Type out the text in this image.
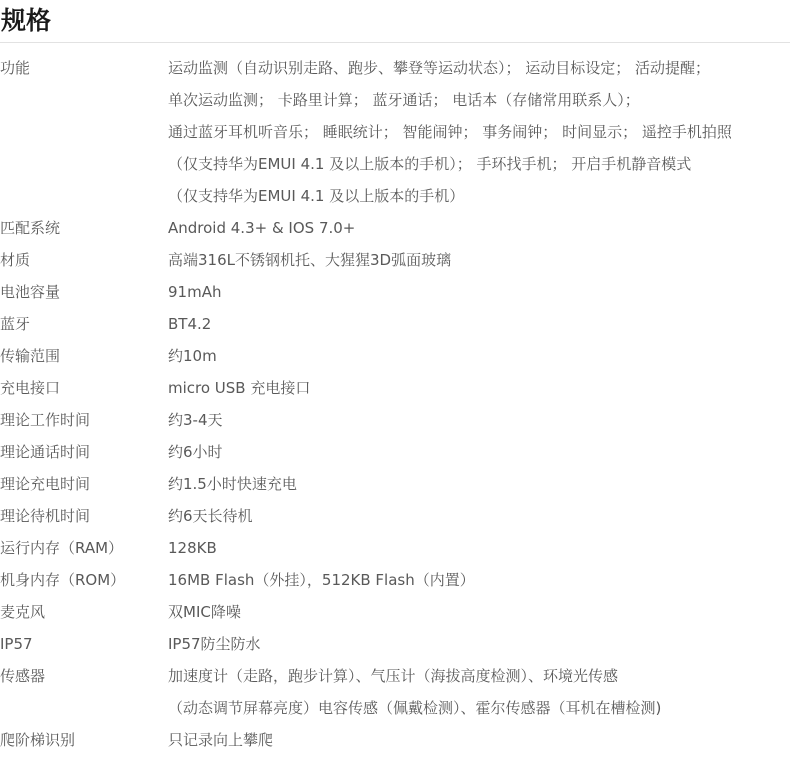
规格
功能	运动监测（自动识别走路、跑步、攀登等运动状态）； 运动目标设定； 活动提醒；
单次运动监测； 卡路里计算； 蓝牙通话； 电话本（存储常用联系人）；
通过蓝牙耳机听音乐； 睡眠统计； 智能闹钟； 事务闹钟； 时间显示； 遥控手机拍照
（仅支持华为EMUI 4.1 及以上版本的手机）； 手环找手机； 开启手机静音模式
（仅支持华为EMUI 4.1 及以上版本的手机）
匹配系统	Android 4.3+ & IOS 7.0+
材质	高端316L不锈钢机托、大猩猩3D弧面玻璃
电池容量	91mAh
蓝牙	BT4.2
传输范围	约10m
充电接口	micro USB 充电接口
理论工作时间	约3-4天
理论通话时间	约6小时
理论充电时间	约1.5小时快速充电
理论待机时间	约6天长待机
运行内存（RAM）	128KB
机身内存（ROM）	16MB Flash（外挂），512KB Flash（内置）
麦克风	双MIC降噪
IP57	IP57防尘防水
传感器	加速度计（走路，跑步计算）、气压计（海拔高度检测）、环境光传感
（动态调节屏幕亮度）电容传感（佩戴检测）、霍尔传感器（耳机在槽检测)
爬阶梯识别	只记录向上攀爬
